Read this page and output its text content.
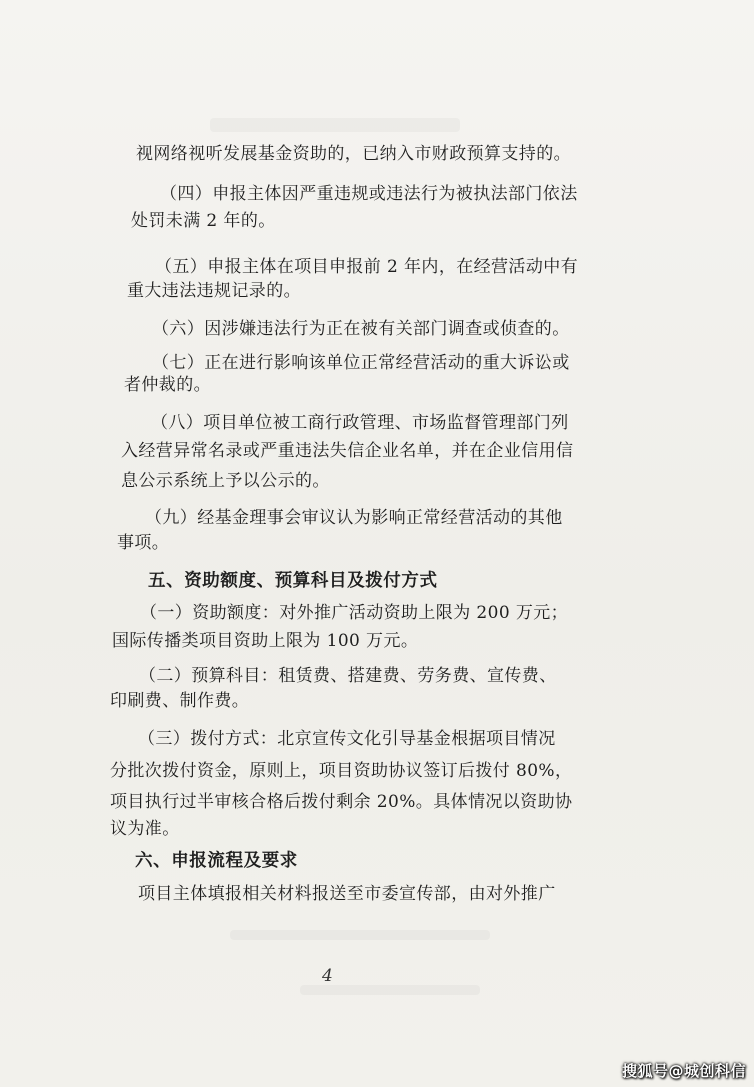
视网络视听发展基金资助的，已纳入市财政预算支持的。
（四）申报主体因严重违规或违法行为被执法部门依法
处罚未满 2 年的。
（五）申报主体在项目申报前 2 年内，在经营活动中有
重大违法违规记录的。
（六）因涉嫌违法行为正在被有关部门调查或侦查的。
（七）正在进行影响该单位正常经营活动的重大诉讼或
者仲裁的。
（八）项目单位被工商行政管理、市场监督管理部门列
入经营异常名录或严重违法失信企业名单，并在企业信用信
息公示系统上予以公示的。
（九）经基金理事会审议认为影响正常经营活动的其他
事项。
五、资助额度、预算科目及拨付方式
（一）资助额度：对外推广活动资助上限为 200 万元；
国际传播类项目资助上限为 100 万元。
（二）预算科目：租赁费、搭建费、劳务费、宣传费、
印刷费、制作费。
（三）拨付方式：北京宣传文化引导基金根据项目情况
分批次拨付资金，原则上，项目资助协议签订后拨付 80%，
项目执行过半审核合格后拨付剩余 20%。具体情况以资助协
议为准。
六、申报流程及要求
项目主体填报相关材料报送至市委宣传部，由对外推广
4
搜狐号@城创科信
